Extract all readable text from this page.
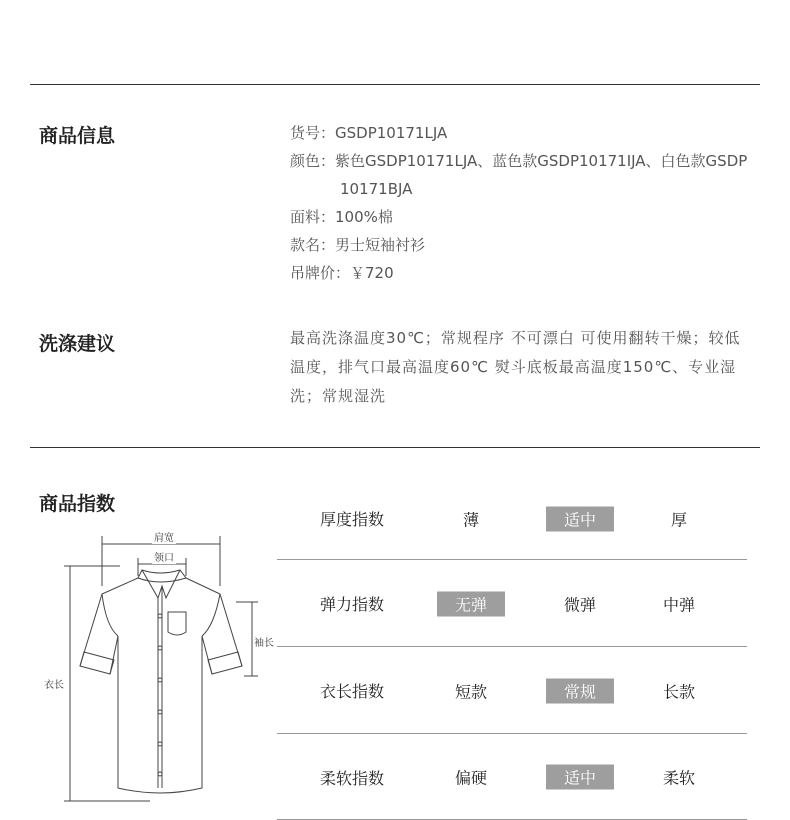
商品信息	货号：GSDP10171LJA
颜色：紫色GSDP10171LJA、蓝色款GSDP10171IJA、白色款GSDP10171BJA
面料：100%棉
款名：男士短袖衬衫
吊牌价：￥720
洗涤建议	最高洗涤温度30℃；常规程序 不可漂白 可使用翻转干燥；较低温度，排气口最高温度60℃ 熨斗底板最高温度150℃、专业湿洗；常规湿洗
商品指数
肩宽
领口
袖长
衣长
厚度指数	薄	适中	厚
弹力指数	无弹	微弹	中弹
衣长指数	短款	常规	长款
柔软指数	偏硬	适中	柔软
